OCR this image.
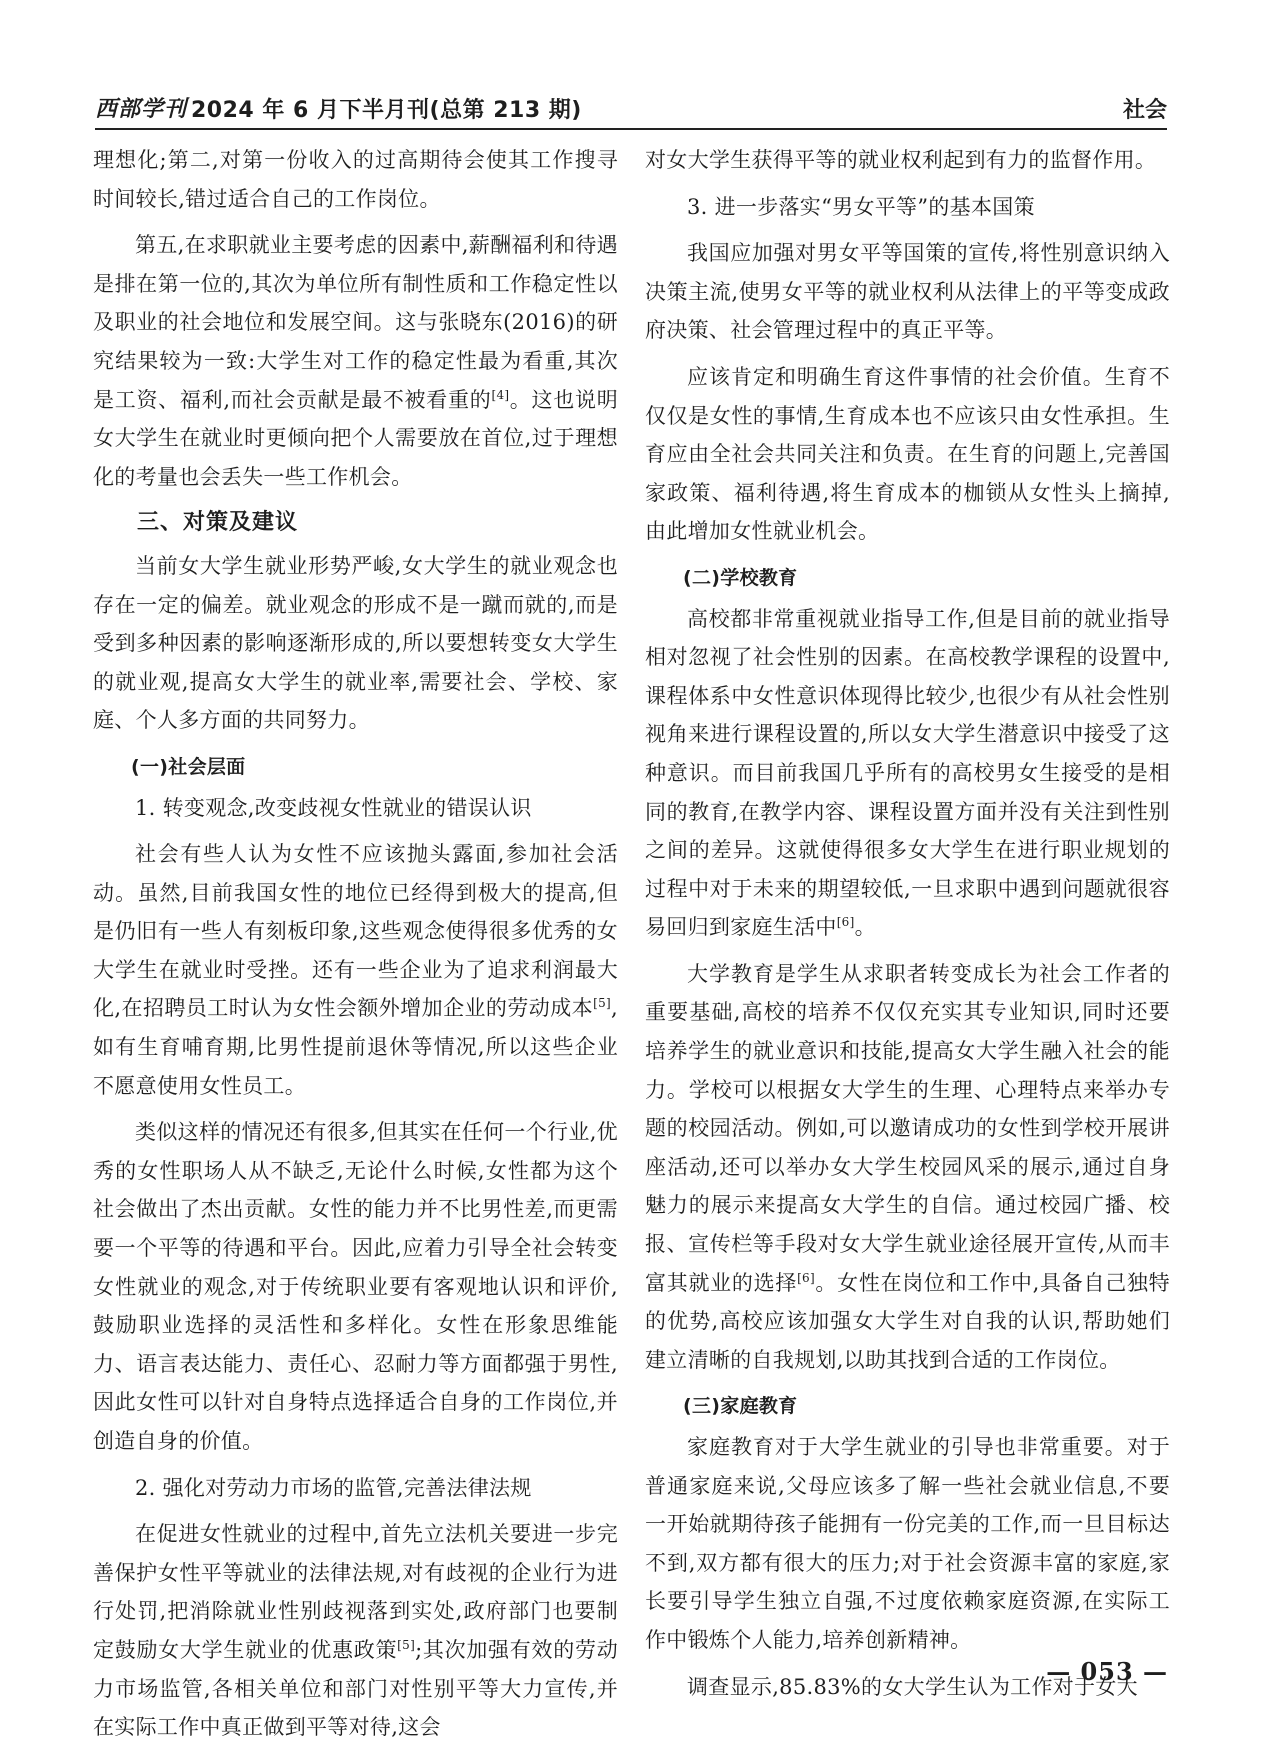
西部学刊 2024 年 6 月下半月刊(总第 213 期)	社会

理想化;第二,对第一份收入的过高期待会使其工作搜寻时间较长,错过适合自己的工作岗位。

第五,在求职就业主要考虑的因素中,薪酬福利和待遇是排在第一位的,其次为单位所有制性质和工作稳定性以及职业的社会地位和发展空间。这与张晓东(2016)的研究结果较为一致:大学生对工作的稳定性最为看重,其次是工资、福利,而社会贡献是最不被看重的[4]。这也说明女大学生在就业时更倾向把个人需要放在首位,过于理想化的考量也会丢失一些工作机会。

三、对策及建议

当前女大学生就业形势严峻,女大学生的就业观念也存在一定的偏差。就业观念的形成不是一蹴而就的,而是受到多种因素的影响逐渐形成的,所以要想转变女大学生的就业观,提高女大学生的就业率,需要社会、学校、家庭、个人多方面的共同努力。

(一)社会层面

1. 转变观念,改变歧视女性就业的错误认识

社会有些人认为女性不应该抛头露面,参加社会活动。虽然,目前我国女性的地位已经得到极大的提高,但是仍旧有一些人有刻板印象,这些观念使得很多优秀的女大学生在就业时受挫。还有一些企业为了追求利润最大化,在招聘员工时认为女性会额外增加企业的劳动成本[5],如有生育哺育期,比男性提前退休等情况,所以这些企业不愿意使用女性员工。

类似这样的情况还有很多,但其实在任何一个行业,优秀的女性职场人从不缺乏,无论什么时候,女性都为这个社会做出了杰出贡献。女性的能力并不比男性差,而更需要一个平等的待遇和平台。因此,应着力引导全社会转变女性就业的观念,对于传统职业要有客观地认识和评价,鼓励职业选择的灵活性和多样化。女性在形象思维能力、语言表达能力、责任心、忍耐力等方面都强于男性,因此女性可以针对自身特点选择适合自身的工作岗位,并创造自身的价值。

2. 强化对劳动力市场的监管,完善法律法规

在促进女性就业的过程中,首先立法机关要进一步完善保护女性平等就业的法律法规,对有歧视的企业行为进行处罚,把消除就业性别歧视落到实处,政府部门也要制定鼓励女大学生就业的优惠政策[5];其次加强有效的劳动力市场监管,各相关单位和部门对性别平等大力宣传,并在实际工作中真正做到平等对待,这会

对女大学生获得平等的就业权利起到有力的监督作用。

3. 进一步落实“男女平等”的基本国策

我国应加强对男女平等国策的宣传,将性别意识纳入决策主流,使男女平等的就业权利从法律上的平等变成政府决策、社会管理过程中的真正平等。

应该肯定和明确生育这件事情的社会价值。生育不仅仅是女性的事情,生育成本也不应该只由女性承担。生育应由全社会共同关注和负责。在生育的问题上,完善国家政策、福利待遇,将生育成本的枷锁从女性头上摘掉,由此增加女性就业机会。

(二)学校教育

高校都非常重视就业指导工作,但是目前的就业指导相对忽视了社会性别的因素。在高校教学课程的设置中,课程体系中女性意识体现得比较少,也很少有从社会性别视角来进行课程设置的,所以女大学生潜意识中接受了这种意识。而目前我国几乎所有的高校男女生接受的是相同的教育,在教学内容、课程设置方面并没有关注到性别之间的差异。这就使得很多女大学生在进行职业规划的过程中对于未来的期望较低,一旦求职中遇到问题就很容易回归到家庭生活中[6]。

大学教育是学生从求职者转变成长为社会工作者的重要基础,高校的培养不仅仅充实其专业知识,同时还要培养学生的就业意识和技能,提高女大学生融入社会的能力。学校可以根据女大学生的生理、心理特点来举办专题的校园活动。例如,可以邀请成功的女性到学校开展讲座活动,还可以举办女大学生校园风采的展示,通过自身魅力的展示来提高女大学生的自信。通过校园广播、校报、宣传栏等手段对女大学生就业途径展开宣传,从而丰富其就业的选择[6]。女性在岗位和工作中,具备自己独特的优势,高校应该加强女大学生对自我的认识,帮助她们建立清晰的自我规划,以助其找到合适的工作岗位。

(三)家庭教育

家庭教育对于大学生就业的引导也非常重要。对于普通家庭来说,父母应该多了解一些社会就业信息,不要一开始就期待孩子能拥有一份完美的工作,而一旦目标达不到,双方都有很大的压力;对于社会资源丰富的家庭,家长要引导学生独立自强,不过度依赖家庭资源,在实际工作中锻炼个人能力,培养创新精神。

调查显示,85.83%的女大学生认为工作对于女大

— 053 —
